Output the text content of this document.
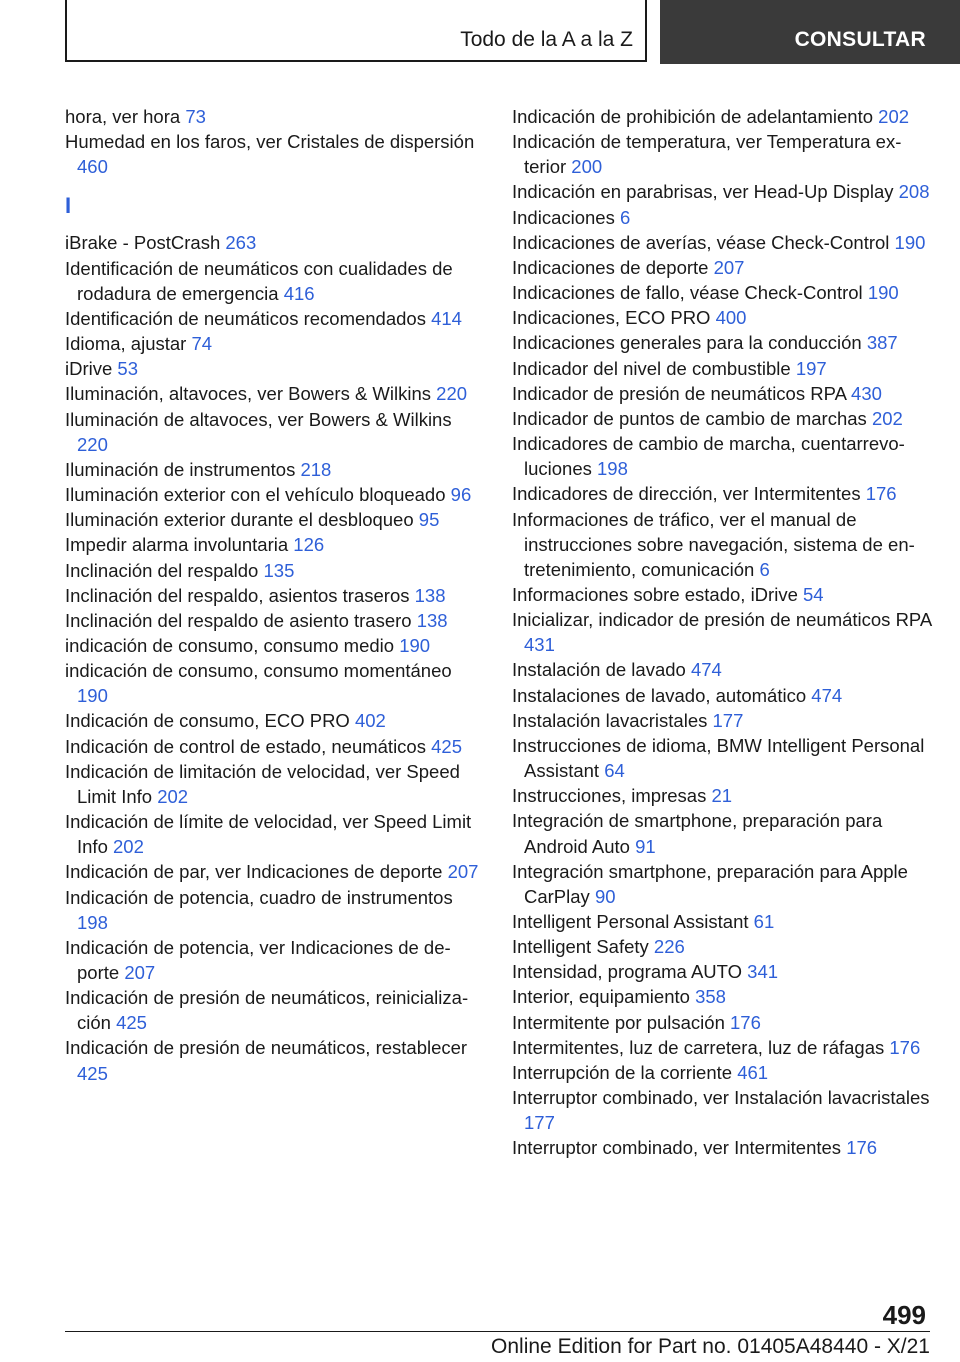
Todo de la A a la Z	CONSULTAR
hora, ver hora 73
Humedad en los faros, ver Cristales de dispersión 460
I
iBrake - PostCrash 263
Identificación de neumáticos con cualidades de rodadura de emergencia 416
Identificación de neumáticos recomendados 414
Idioma, ajustar 74
iDrive 53
Iluminación, altavoces, ver Bowers & Wilkins 220
Iluminación de altavoces, ver Bowers & Wilkins 220
Iluminación de instrumentos 218
Iluminación exterior con el vehículo bloqueado 96
Iluminación exterior durante el desbloqueo 95
Impedir alarma involuntaria 126
Inclinación del respaldo 135
Inclinación del respaldo, asientos traseros 138
Inclinación del respaldo de asiento trasero 138
indicación de consumo, consumo medio 190
indicación de consumo, consumo momentáneo 190
Indicación de consumo, ECO PRO 402
Indicación de control de estado, neumáticos 425
Indicación de limitación de velocidad, ver Speed Limit Info 202
Indicación de límite de velocidad, ver Speed Limit Info 202
Indicación de par, ver Indicaciones de deporte 207
Indicación de potencia, cuadro de instrumentos 198
Indicación de potencia, ver Indicaciones de deporte 207
Indicación de presión de neumáticos, reinicialización 425
Indicación de presión de neumáticos, restablecer 425
Indicación de prohibición de adelantamiento 202
Indicación de temperatura, ver Temperatura exterior 200
Indicación en parabrisas, ver Head-Up Display 208
Indicaciones 6
Indicaciones de averías, véase Check-Control 190
Indicaciones de deporte 207
Indicaciones de fallo, véase Check-Control 190
Indicaciones, ECO PRO 400
Indicaciones generales para la conducción 387
Indicador del nivel de combustible 197
Indicador de presión de neumáticos RPA 430
Indicador de puntos de cambio de marchas 202
Indicadores de cambio de marcha, cuentarrevoluciones 198
Indicadores de dirección, ver Intermitentes 176
Informaciones de tráfico, ver el manual de instrucciones sobre navegación, sistema de entretenimiento, comunicación 6
Informaciones sobre estado, iDrive 54
Inicializar, indicador de presión de neumáticos RPA 431
Instalación de lavado 474
Instalaciones de lavado, automático 474
Instalación lavacristales 177
Instrucciones de idioma, BMW Intelligent Personal Assistant 64
Instrucciones, impresas 21
Integración de smartphone, preparación para Android Auto 91
Integración smartphone, preparación para Apple CarPlay 90
Intelligent Personal Assistant 61
Intelligent Safety 226
Intensidad, programa AUTO 341
Interior, equipamiento 358
Intermitente por pulsación 176
Intermitentes, luz de carretera, luz de ráfagas 176
Interrupción de la corriente 461
Interruptor combinado, ver Instalación lavacristales 177
Interruptor combinado, ver Intermitentes 176
499
Online Edition for Part no. 01405A48440 - X/21
